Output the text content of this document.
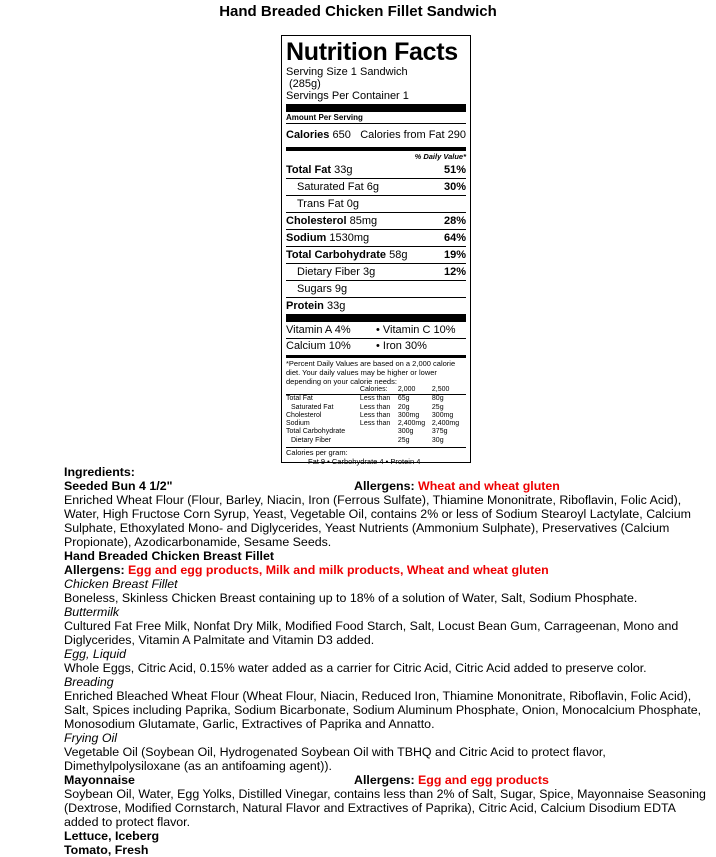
Hand Breaded Chicken Fillet Sandwich
Nutrition Facts
Serving Size 1 Sandwich
(285g)
Servings Per Container 1
Amount Per Serving
Calories 650 Calories from Fat 290
% Daily Value*
Total Fat 33g	51%
Saturated Fat 6g	30%
Trans Fat 0g
Cholesterol 85mg	28%
Sodium 1530mg	64%
Total Carbohydrate 58g	19%
Dietary Fiber 3g	12%
Sugars 9g
Protein 33g
Vitamin A 4%	• Vitamin C 10%
Calcium 10%	• Iron 30%
*Percent Daily Values are based on a 2,000 calorie diet. Your daily values may be higher or lower depending on your calorie needs:
	Calories:	2,000	2,500
Total Fat	Less than	65g	80g
Saturated Fat	Less than	20g	25g
Cholesterol	Less than	300mg	300mg
Sodium	Less than	2,400mg	2,400mg
Total Carbohydrate		300g	375g
Dietary Fiber		25g	30g
Calories per gram:
Fat 9 • Carbohydrate 4 • Protein 4

Ingredients:

Seeded Bun 4 1/2"	Allergens: Wheat and wheat gluten

Enriched Wheat Flour (Flour, Barley, Niacin, Iron (Ferrous Sulfate), Thiamine Mononitrate, Riboflavin, Folic Acid), Water, High Fructose Corn Syrup, Yeast, Vegetable Oil, contains 2% or less of Sodium Stearoyl Lactylate, Calcium Sulphate, Ethoxylated Mono- and Diglycerides, Yeast Nutrients (Ammonium Sulphate), Preservatives (Calcium Propionate), Azodicarbonamide, Sesame Seeds.

Hand Breaded Chicken Breast Fillet

Allergens: Egg and egg products, Milk and milk products, Wheat and wheat gluten

Chicken Breast Fillet

Boneless, Skinless Chicken Breast containing up to 18% of a solution of Water, Salt, Sodium Phosphate.

Buttermilk

Cultured Fat Free Milk, Nonfat Dry Milk, Modified Food Starch, Salt, Locust Bean Gum, Carrageenan, Mono and Diglycerides, Vitamin A Palmitate and Vitamin D3 added.

Egg, Liquid

Whole Eggs, Citric Acid, 0.15% water added as a carrier for Citric Acid, Citric Acid added to preserve color.

Breading

Enriched Bleached Wheat Flour (Wheat Flour, Niacin, Reduced Iron, Thiamine Mononitrate, Riboflavin, Folic Acid), Salt, Spices including Paprika, Sodium Bicarbonate, Sodium Aluminum Phosphate, Onion, Monocalcium Phosphate, Monosodium Glutamate, Garlic, Extractives of Paprika and Annatto.

Frying Oil

Vegetable Oil (Soybean Oil, Hydrogenated Soybean Oil with TBHQ and Citric Acid to protect flavor, Dimethylpolysiloxane (as an antifoaming agent)).

Mayonnaise	Allergens: Egg and egg products

Soybean Oil, Water, Egg Yolks, Distilled Vinegar, contains less than 2% of Salt, Sugar, Spice, Mayonnaise Seasoning (Dextrose, Modified Cornstarch, Natural Flavor and Extractives of Paprika), Citric Acid, Calcium Disodium EDTA added to protect flavor.

Lettuce, Iceberg

Tomato, Fresh
